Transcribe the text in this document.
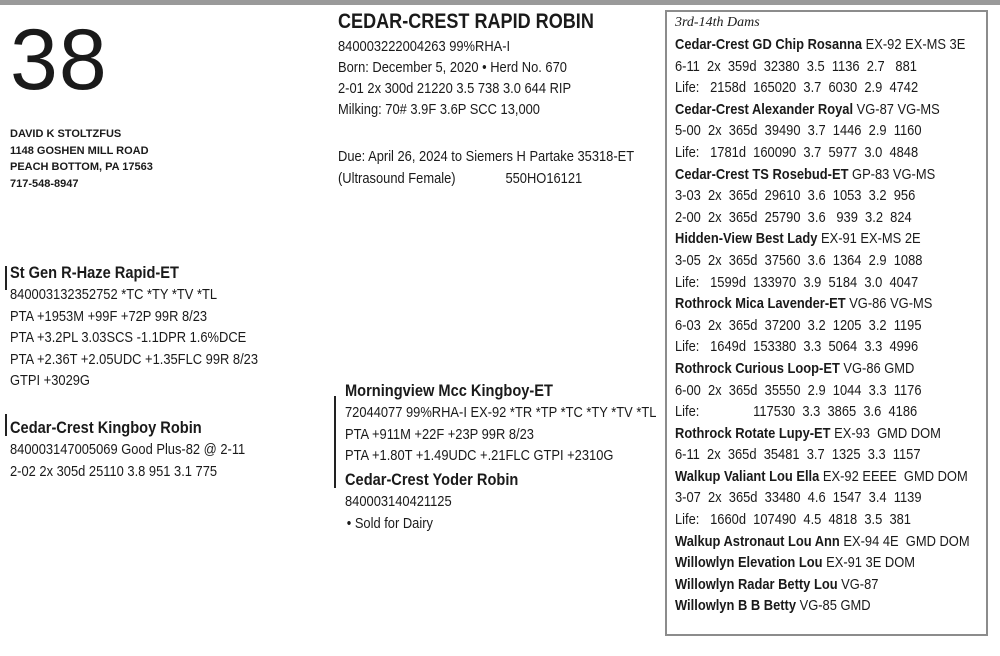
38
DAVID K STOLTZFUS
1148 GOSHEN MILL ROAD
PEACH BOTTOM, PA 17563
717-548-8947
CEDAR-CREST RAPID ROBIN
840003222004263 99%RHA-I
Born: December 5, 2020 • Herd No. 670
2-01 2x 300d 21220 3.5 738 3.0 644 RIP
Milking: 70# 3.9F 3.6P SCC 13,000
Due: April 26, 2024 to Siemers H Partake 35318-ET
(Ultrasound Female)	550HO16121
St Gen R-Haze Rapid-ET
840003132352752 *TC *TY *TV *TL
PTA +1953M +99F +72P 99R 8/23
PTA +3.2PL 3.03SCS -1.1DPR 1.6%DCE
PTA +2.36T +2.05UDC +1.35FLC 99R 8/23
GTPI +3029G
Cedar-Crest Kingboy Robin
840003147005069 Good Plus-82 @ 2-11
2-02 2x 305d 25110 3.8 951 3.1 775
Morningview Mcc Kingboy-ET
72044077 99%RHA-I EX-92 *TR *TP *TC *TY *TV *TL
PTA +911M +22F +23P 99R 8/23
PTA +1.80T +1.49UDC +.21FLC GTPI +2310G
Cedar-Crest Yoder Robin
840003140421125
• Sold for Dairy
3rd-14th Dams
Cedar-Crest GD Chip Rosanna EX-92 EX-MS 3E
6-11  2x  359d  32380  3.5  1136  2.7   881
Life:   2158d  165020  3.7  6030  2.9  4742
Cedar-Crest Alexander Royal VG-87 VG-MS
5-00  2x  365d  39490  3.7  1446  2.9  1160
Life:   1781d  160090  3.7  5977  3.0  4848
Cedar-Crest TS Rosebud-ET GP-83 VG-MS
3-03  2x  365d  29610  3.6  1053  3.2  956
2-00  2x  365d  25790  3.6   939  3.2  824
Hidden-View Best Lady EX-91 EX-MS 2E
3-05  2x  365d  37560  3.6  1364  2.9  1088
Life:   1599d  133970  3.9  5184  3.0  4047
Rothrock Mica Lavender-ET VG-86 VG-MS
6-03  2x  365d  37200  3.2  1205  3.2  1195
Life:   1649d  153380  3.3  5064  3.3  4996
Rothrock Curious Loop-ET VG-86 GMD
6-00  2x  365d  35550  2.9  1044  3.3  1176
Life:               117530  3.3  3865  3.6  4186
Rothrock Rotate Lupy-ET EX-93  GMD DOM
6-11  2x  365d  35481  3.7  1325  3.3  1157
Walkup Valiant Lou Ella EX-92 EEEE  GMD DOM
3-07  2x  365d  33480  4.6  1547  3.4  1139
Life:   1660d  107490  4.5  4818  3.5  381
Walkup Astronaut Lou Ann EX-94 4E  GMD DOM
Willowlyn Elevation Lou EX-91 3E DOM
Willowlyn Radar Betty Lou VG-87
Willowlyn B B Betty VG-85 GMD
